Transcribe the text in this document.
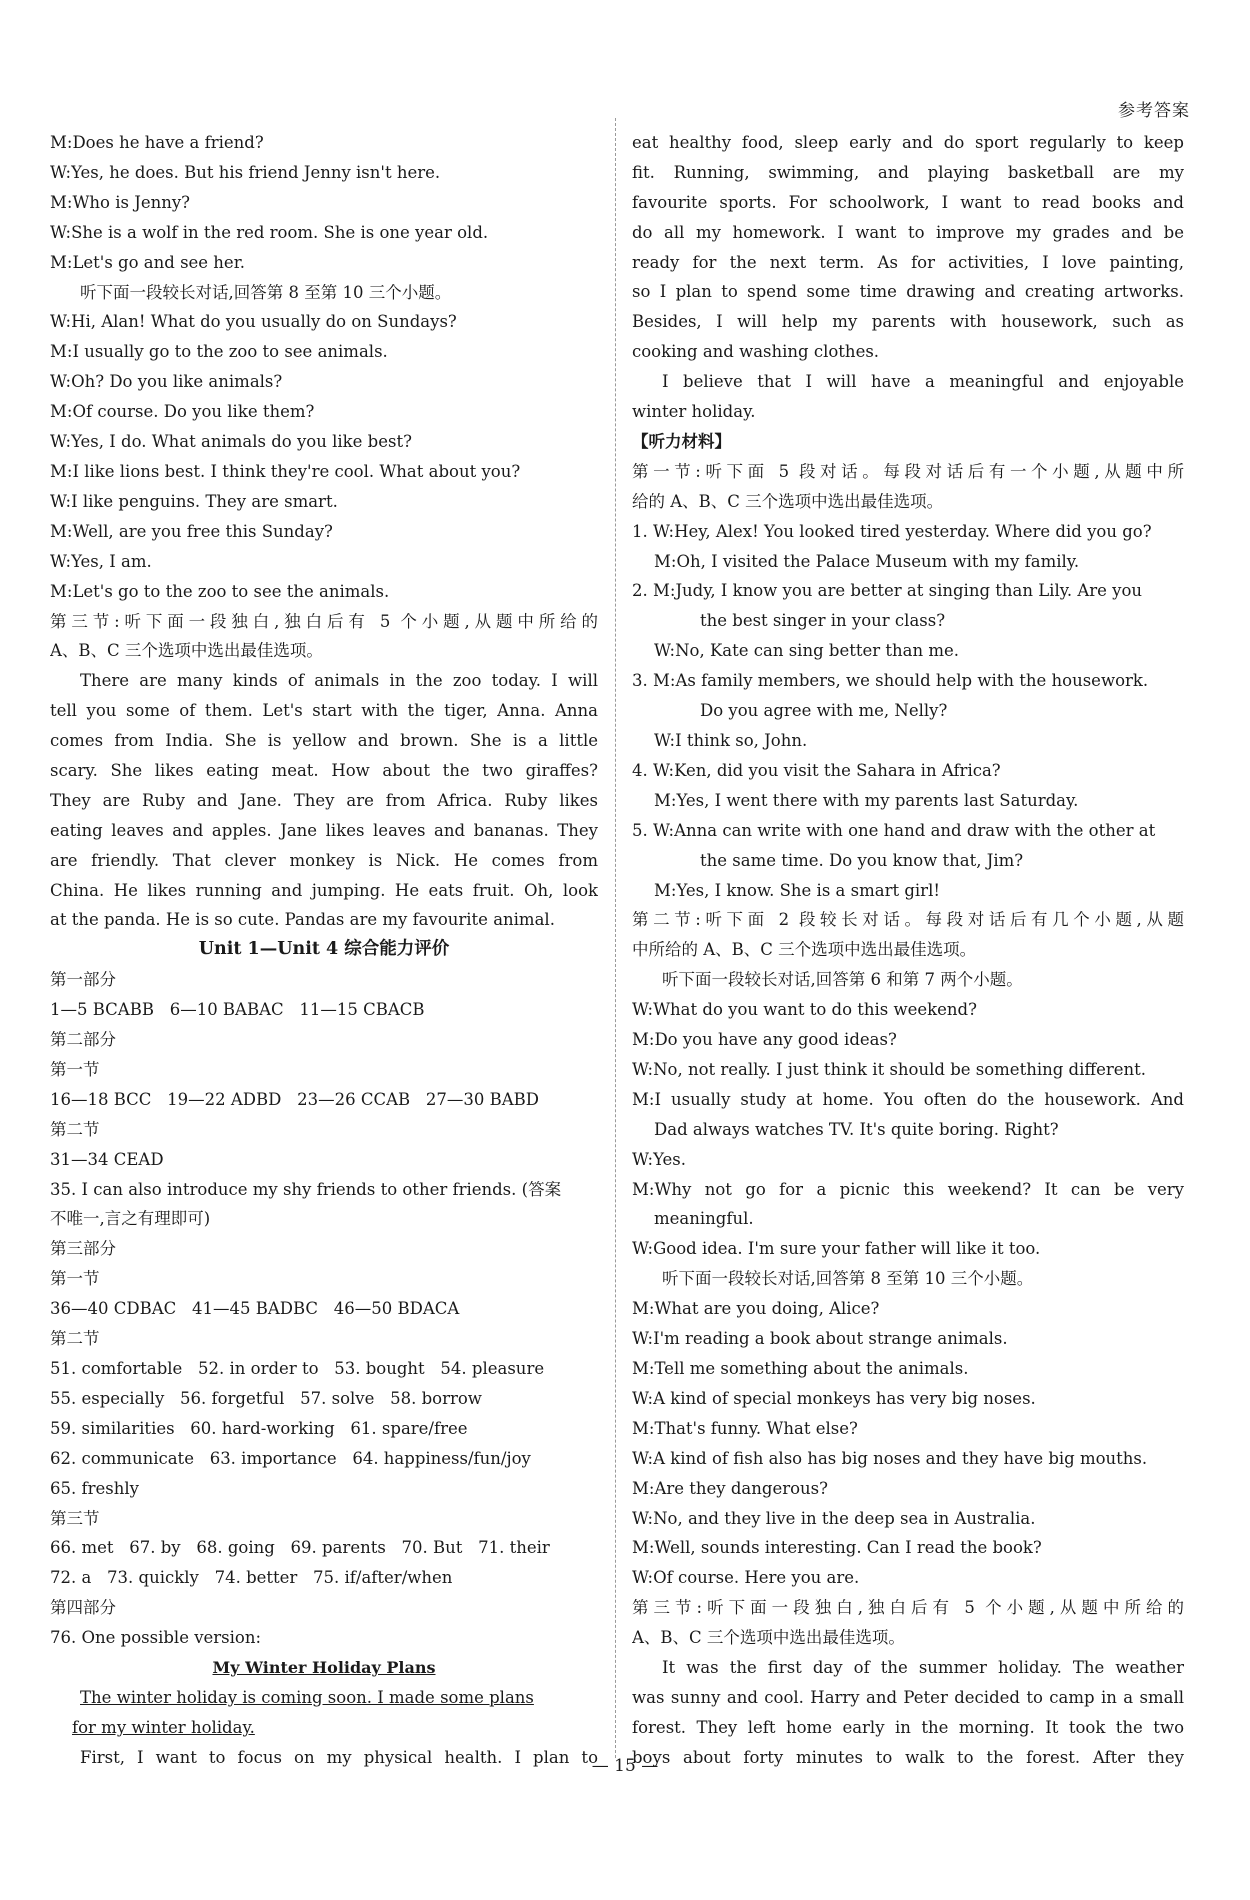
参考答案
M:Does he have a friend?
W:Yes, he does. But his friend Jenny isn't here.
M:Who is Jenny?
W:She is a wolf in the red room. She is one year old.
M:Let's go and see her.
听下面一段较长对话,回答第 8 至第 10 三个小题。
W:Hi, Alan! What do you usually do on Sundays?
M:I usually go to the zoo to see animals.
W:Oh? Do you like animals?
M:Of course. Do you like them?
W:Yes, I do. What animals do you like best?
M:I like lions best. I think they're cool. What about you?
W:I like penguins. They are smart.
M:Well, are you free this Sunday?
W:Yes, I am.
M:Let's go to the zoo to see the animals.
第三节:听下面一段独白,独白后有 5 个小题,从题中所给的
A、B、C 三个选项中选出最佳选项。
There are many kinds of animals in the zoo today. I will
tell you some of them. Let's start with the tiger, Anna. Anna
comes from India. She is yellow and brown. She is a little
scary. She likes eating meat. How about the two giraffes?
They are Ruby and Jane. They are from Africa. Ruby likes
eating leaves and apples. Jane likes leaves and bananas. They
are friendly. That clever monkey is Nick. He comes from
China. He likes running and jumping. He eats fruit. Oh, look
at the panda. He is so cute. Pandas are my favourite animal.
Unit 1—Unit 4 综合能力评价
第一部分
1—5 BCABB   6—10 BABAC   11—15 CBACB
第二部分
第一节
16—18 BCC   19—22 ADBD   23—26 CCAB   27—30 BABD
第二节
31—34 CEAD
35. I can also introduce my shy friends to other friends. (答案
不唯一,言之有理即可)
第三部分
第一节
36—40 CDBAC   41—45 BADBC   46—50 BDACA
第二节
51. comfortable   52. in order to   53. bought   54. pleasure
55. especially   56. forgetful   57. solve   58. borrow
59. similarities   60. hard-working   61. spare/free
62. communicate   63. importance   64. happiness/fun/joy
65. freshly
第三节
66. met   67. by   68. going   69. parents   70. But   71. their
72. a   73. quickly   74. better   75. if/after/when
第四部分
76. One possible version:
My Winter Holiday Plans
The winter holiday is coming soon. I made some plans
for my winter holiday.
First, I want to focus on my physical health. I plan to
eat healthy food, sleep early and do sport regularly to keep
fit. Running, swimming, and playing basketball are my
favourite sports. For schoolwork, I want to read books and
do all my homework. I want to improve my grades and be
ready for the next term. As for activities, I love painting,
so I plan to spend some time drawing and creating artworks.
Besides, I will help my parents with housework, such as
cooking and washing clothes.
I believe that I will have a meaningful and enjoyable
winter holiday.
【听力材料】
第一节:听下面 5 段对话。每段对话后有一个小题,从题中所
给的 A、B、C 三个选项中选出最佳选项。
1. W:Hey, Alex! You looked tired yesterday. Where did you go?
M:Oh, I visited the Palace Museum with my family.
2. M:Judy, I know you are better at singing than Lily. Are you
the best singer in your class?
W:No, Kate can sing better than me.
3. M:As family members, we should help with the housework.
Do you agree with me, Nelly?
W:I think so, John.
4. W:Ken, did you visit the Sahara in Africa?
M:Yes, I went there with my parents last Saturday.
5. W:Anna can write with one hand and draw with the other at
the same time. Do you know that, Jim?
M:Yes, I know. She is a smart girl!
第二节:听下面 2 段较长对话。每段对话后有几个小题,从题
中所给的 A、B、C 三个选项中选出最佳选项。
听下面一段较长对话,回答第 6 和第 7 两个小题。
W:What do you want to do this weekend?
M:Do you have any good ideas?
W:No, not really. I just think it should be something different.
M:I usually study at home. You often do the housework. And
Dad always watches TV. It's quite boring. Right?
W:Yes.
M:Why not go for a picnic this weekend? It can be very
meaningful.
W:Good idea. I'm sure your father will like it too.
听下面一段较长对话,回答第 8 至第 10 三个小题。
M:What are you doing, Alice?
W:I'm reading a book about strange animals.
M:Tell me something about the animals.
W:A kind of special monkeys has very big noses.
M:That's funny. What else?
W:A kind of fish also has big noses and they have big mouths.
M:Are they dangerous?
W:No, and they live in the deep sea in Australia.
M:Well, sounds interesting. Can I read the book?
W:Of course. Here you are.
第三节:听下面一段独白,独白后有 5 个小题,从题中所给的
A、B、C 三个选项中选出最佳选项。
It was the first day of the summer holiday. The weather
was sunny and cool. Harry and Peter decided to camp in a small
forest. They left home early in the morning. It took the two
boys about forty minutes to walk to the forest. After they
— 15 —
